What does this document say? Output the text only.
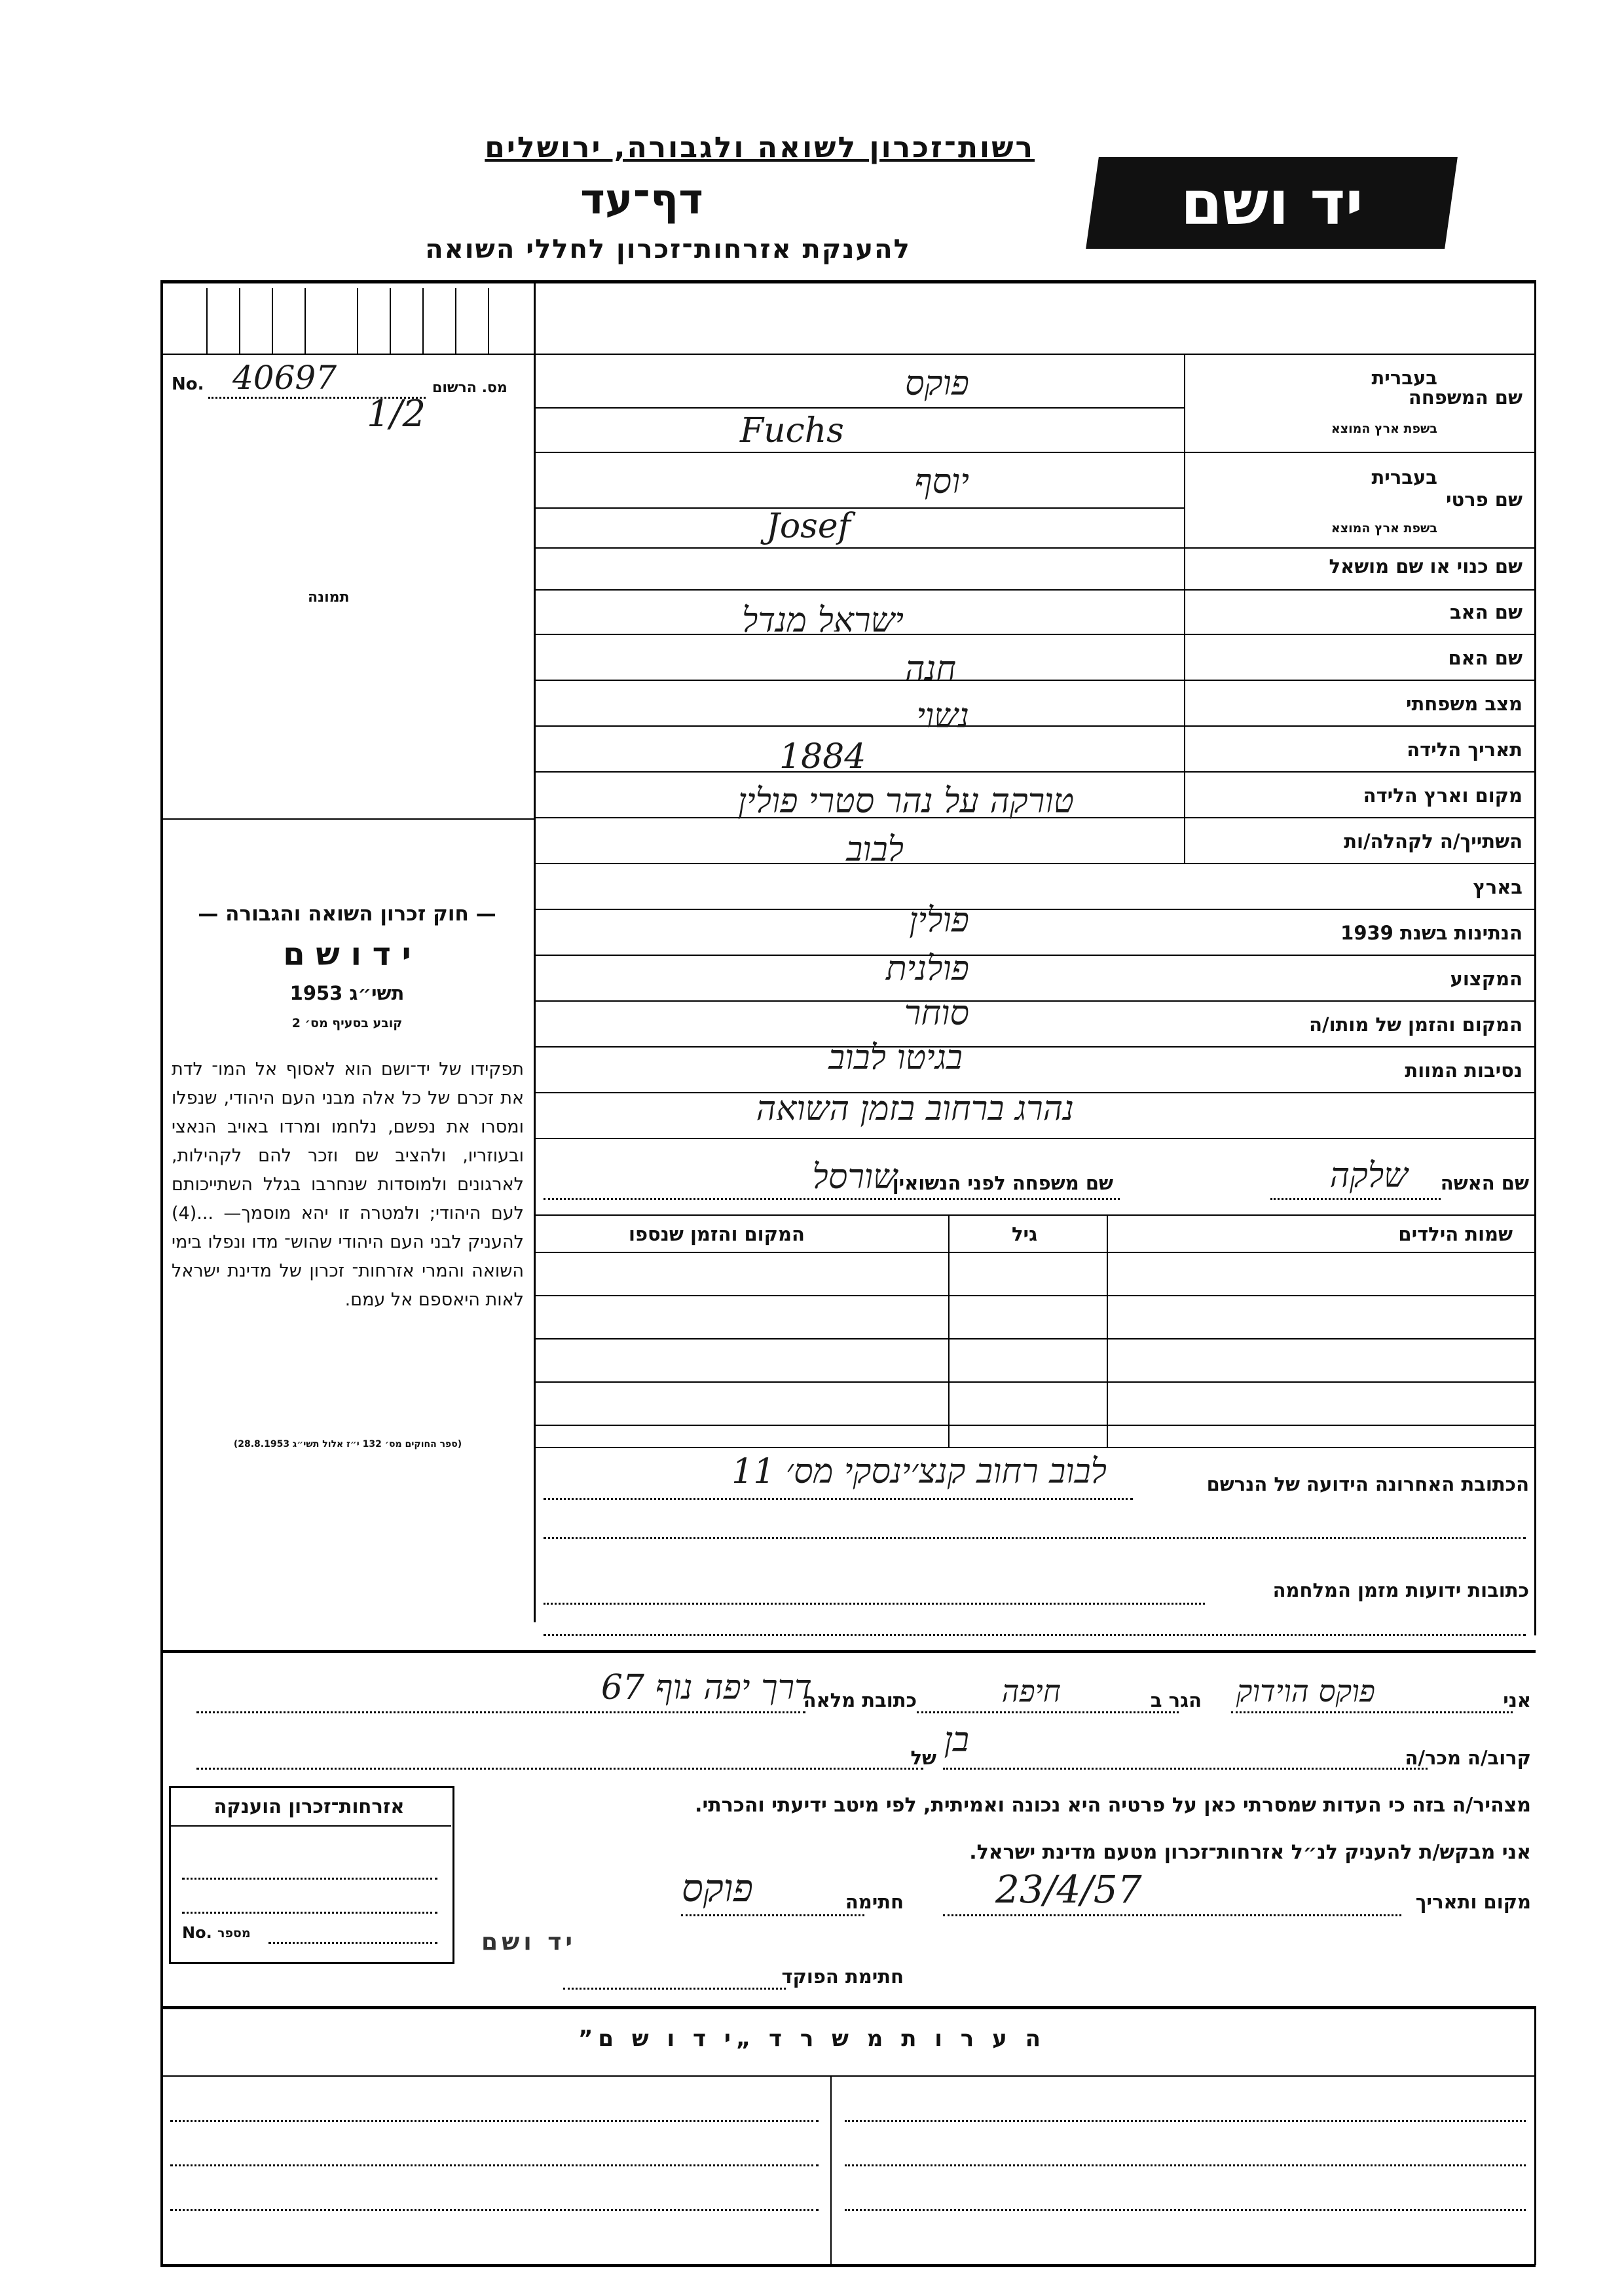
רשות־זכרון לשואה ולגבורה, ירושלים
דף־עד
להענקת אזרחות־זכרון לחללי השואה
יד ושם
No. 40697	מס. הרשום
1/2
תמונה
— חוק זכרון השואה והגבורה —
י ד ו ש ם
תשי״ג 1953
קובע בסעיף מס׳ 2
תפקידו של יד־ושם הוא לאסוף אל המו־ לדת את זכרם של כל אלה מבני העם היהודי, שנפלו ומסרו את נפשם, נלחמו ומרדו באויב הנאצי ובעוזריו, ולהציב שם וזכר להם לקהילות, לארגונים ולמוסדות שנחרבו בגלל השתייכותם לעם היהודי; ולמטרה זו יהא מוסמך— ...(4) להעניק לבני העם היהודי שהוש־ מדו ונפלו בימי השואה והמרי אזרחות־ זכרון של מדינת ישראל לאות היאספם אל עמם.
(ספר החוקים מס׳ 132 י״ז אלול תשי״ג 28.8.1953)
שם המשפחה
בעברית
בשפת ארץ המוצא
שם פרטי
בעברית
בשפת ארץ המוצא
שם כנוי או שם מושאל
שם האב
שם האם
מצב משפחתי
תאריך הלידה
מקום וארץ הלידה
השתייך/ה לקהלה/ות
בארץ
הנתינות בשנת 1939
המקצוע
המקום והזמן של מותו/ה
נסיבות המוות
פוקס
Fuchs
יוסף
Josef
ישראל מנדל
חנה
נשוי
1884
טורקה על נהר סטרי פולין
לבוב
פולין
פולנית
סוחר
בגיטו לבוב
נהרג ברחוב בזמן השואה
שם האשה
שלקה
שם משפחה לפני הנשואין
שורסל
שמות הילדים
גיל
המקום והזמן שנספו
הכתובת האחרונה הידועה של הנרשם
לבוב רחוב קנצ׳ינסקי מס׳ 11
כתובות ידועות מזמן המלחמה
אני
פוקס הוידוק
הגר ב
חיפה
כתובת מלאה
דרך יפה נוף 67
קרוב/ה מכר/ה
בן
של
מצהיר/ה בזה כי העדות שמסרתי כאן על פרטיה היא נכונה ואמיתית, לפי מיטב ידיעתי והכרתי.
אני מבקש/ת להעניק לנ״ל אזרחות־זכרון מטעם מדינת ישראל.
מקום ותאריך
23/4/57
חתימה
פוקס
יד ושם
חתימת הפוקד
אזרחות־זכרון הוענקה
No. מספר
ה ע ר ו ת מ ש ר ד „י ד ו ש ם”
